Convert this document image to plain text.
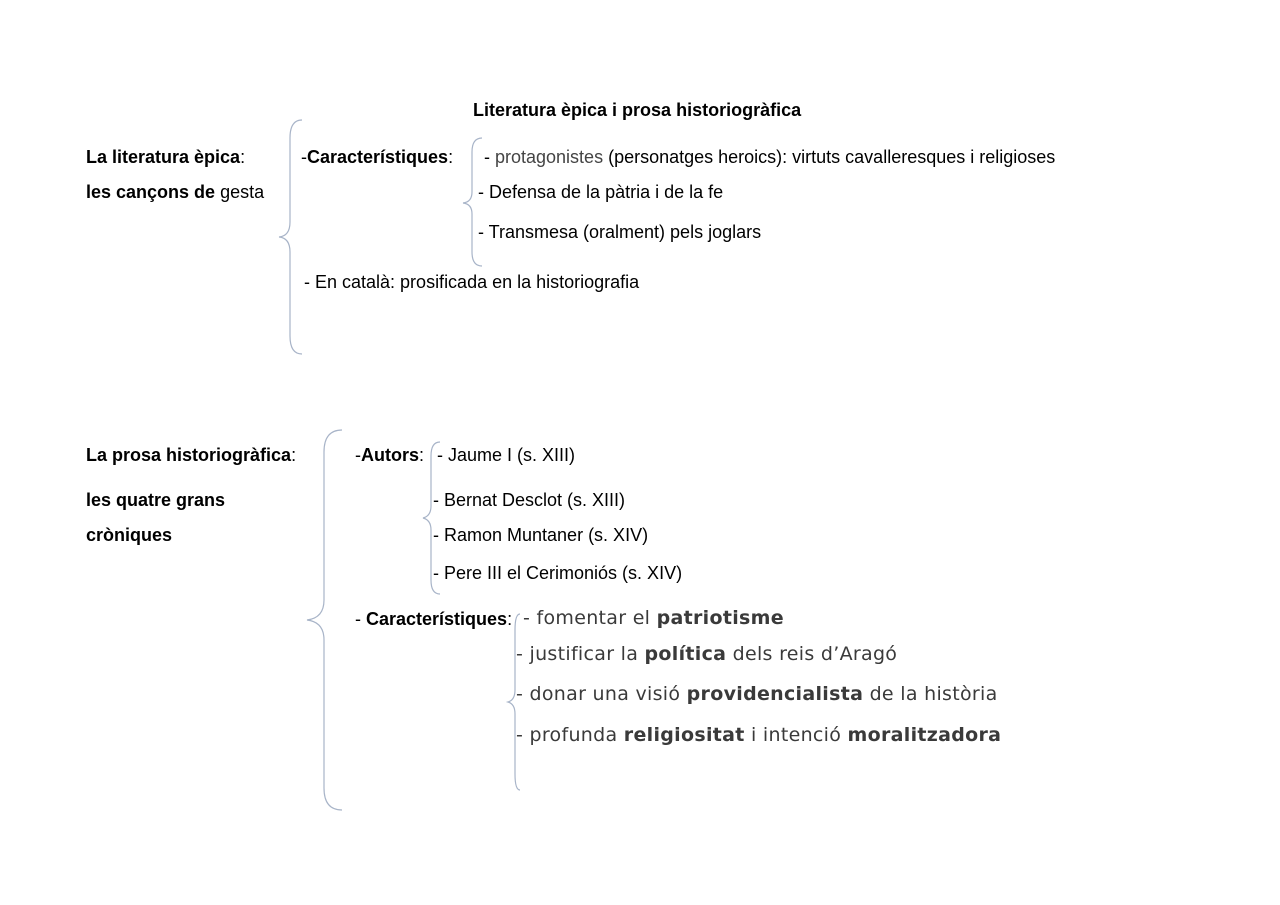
Literatura èpica i prosa historiogràfica
La literatura èpica:
les cançons de gesta
-Característiques: - protagonistes (personatges heroics): virtuts cavalleresques i religioses
- Defensa de la pàtria i de la fe
- Transmesa (oralment) pels joglars
- En català: prosificada en la historiografia
La prosa historiogràfica:
les quatre grans
cròniques
-Autors: - Jaume I (s. XIII)
- Bernat Desclot (s. XIII)
- Ramon Muntaner (s. XIV)
- Pere III el Cerimoniós (s. XIV)
- Característiques: - fomentar el patriotisme
- justificar la política dels reis d’Aragó
- donar una visió providencialista de la història
- profunda religiositat i intenció moralitzadora
